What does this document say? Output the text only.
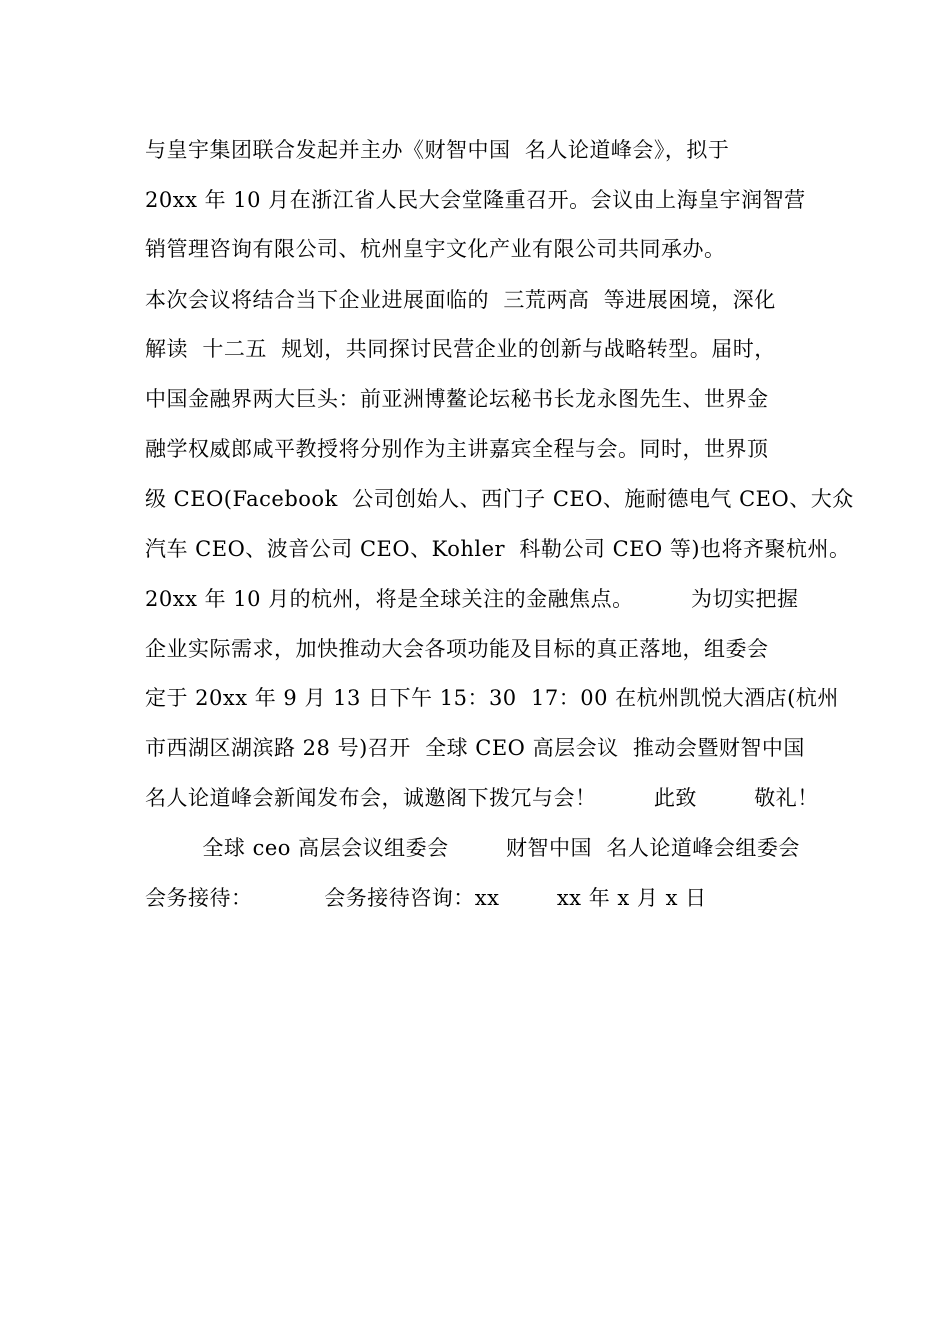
与皇宇集团联合发起并主办《财智中国  名人论道峰会》，拟于
20xx 年 10 月在浙江省人民大会堂隆重召开。会议由上海皇宇润智营
销管理咨询有限公司、杭州皇宇文化产业有限公司共同承办。
本次会议将结合当下企业进展面临的  三荒两高  等进展困境，深化
解读  十二五  规划，共同探讨民营企业的创新与战略转型。届时，
中国金融界两大巨头：前亚洲博鳌论坛秘书长龙永图先生、世界金
融学权威郎咸平教授将分别作为主讲嘉宾全程与会。同时，世界顶
级 CEO(Facebook  公司创始人、西门子 CEO、施耐德电气 CEO、大众
汽车 CEO、波音公司 CEO、Kohler  科勒公司 CEO 等)也将齐聚杭州。
20xx 年 10 月的杭州，将是全球关注的金融焦点。        为切实把握
企业实际需求，加快推动大会各项功能及目标的真正落地，组委会
定于 20xx 年 9 月 13 日下午 15：30  17：00 在杭州凯悦大酒店(杭州
市西湖区湖滨路 28 号)召开  全球 CEO 高层会议  推动会暨财智中国
名人论道峰会新闻发布会，诚邀阁下拨冗与会！        此致        敬礼！
全球 ceo 高层会议组委会        财智中国  名人论道峰会组委会
会务接待：          会务接待咨询：xx        xx 年 x 月 x 日
